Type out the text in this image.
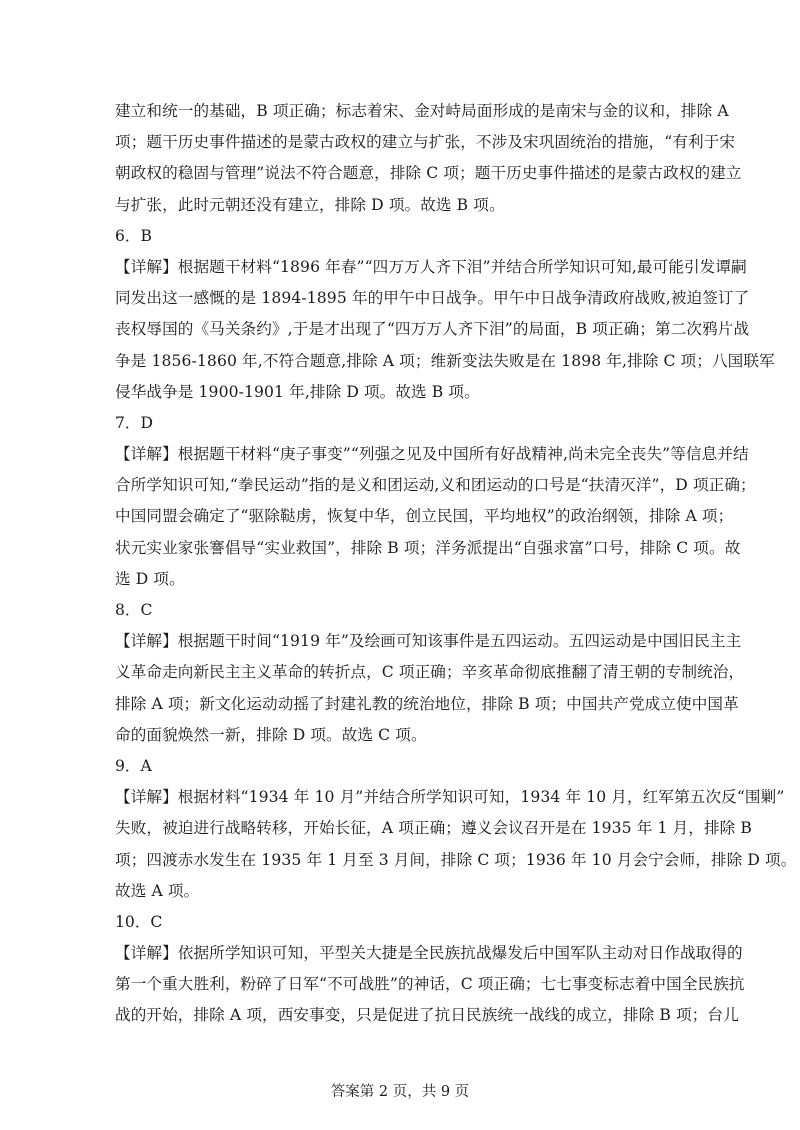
建立和统一的基础，B 项正确；标志着宋、金对峙局面形成的是南宋与金的议和，排除 A
项；题干历史事件描述的是蒙古政权的建立与扩张，不涉及宋巩固统治的措施，“有利于宋
朝政权的稳固与管理”说法不符合题意，排除 C 项；题干历史事件描述的是蒙古政权的建立
与扩张，此时元朝还没有建立，排除 D 项。故选 B 项。
6．B
【详解】根据题干材料“1896 年春”“四万万人齐下泪”并结合所学知识可知,最可能引发谭嗣
同发出这一感慨的是 1894-1895 年的甲午中日战争。甲午中日战争清政府战败,被迫签订了
丧权辱国的《马关条约》,于是才出现了“四万万人齐下泪”的局面，B 项正确；第二次鸦片战
争是 1856-1860 年,不符合题意,排除 A 项；维新变法失败是在 1898 年,排除 C 项；八国联军
侵华战争是 1900-1901 年,排除 D 项。故选 B 项。
7．D
【详解】根据题干材料“庚子事变”“列强之见及中国所有好战精神,尚未完全丧失”等信息并结
合所学知识可知,“拳民运动”指的是义和团运动,义和团运动的口号是“扶清灭洋”，D 项正确；
中国同盟会确定了“驱除鞑虏，恢复中华，创立民国，平均地权”的政治纲领，排除 A 项；
状元实业家张謇倡导“实业救国”，排除 B 项；洋务派提出“自强求富”口号，排除 C 项。故
选 D 项。
8．C
【详解】根据题干时间“1919 年”及绘画可知该事件是五四运动。五四运动是中国旧民主主
义革命走向新民主主义革命的转折点，C 项正确；辛亥革命彻底推翻了清王朝的专制统治，
排除 A 项；新文化运动动摇了封建礼教的统治地位，排除 B 项；中国共产党成立使中国革
命的面貌焕然一新，排除 D 项。故选 C 项。
9．A
【详解】根据材料“1934 年 10 月”并结合所学知识可知，1934 年 10 月，红军第五次反“围剿”
失败，被迫进行战略转移，开始长征，A 项正确；遵义会议召开是在 1935 年 1 月，排除 B
项；四渡赤水发生在 1935 年 1 月至 3 月间，排除 C 项；1936 年 10 月会宁会师，排除 D 项。
故选 A 项。
10．C
【详解】依据所学知识可知，平型关大捷是全民族抗战爆发后中国军队主动对日作战取得的
第一个重大胜利，粉碎了日军“不可战胜”的神话，C 项正确；七七事变标志着中国全民族抗
战的开始，排除 A 项，西安事变，只是促进了抗日民族统一战线的成立，排除 B 项；台儿
答案第 2 页，共 9 页
